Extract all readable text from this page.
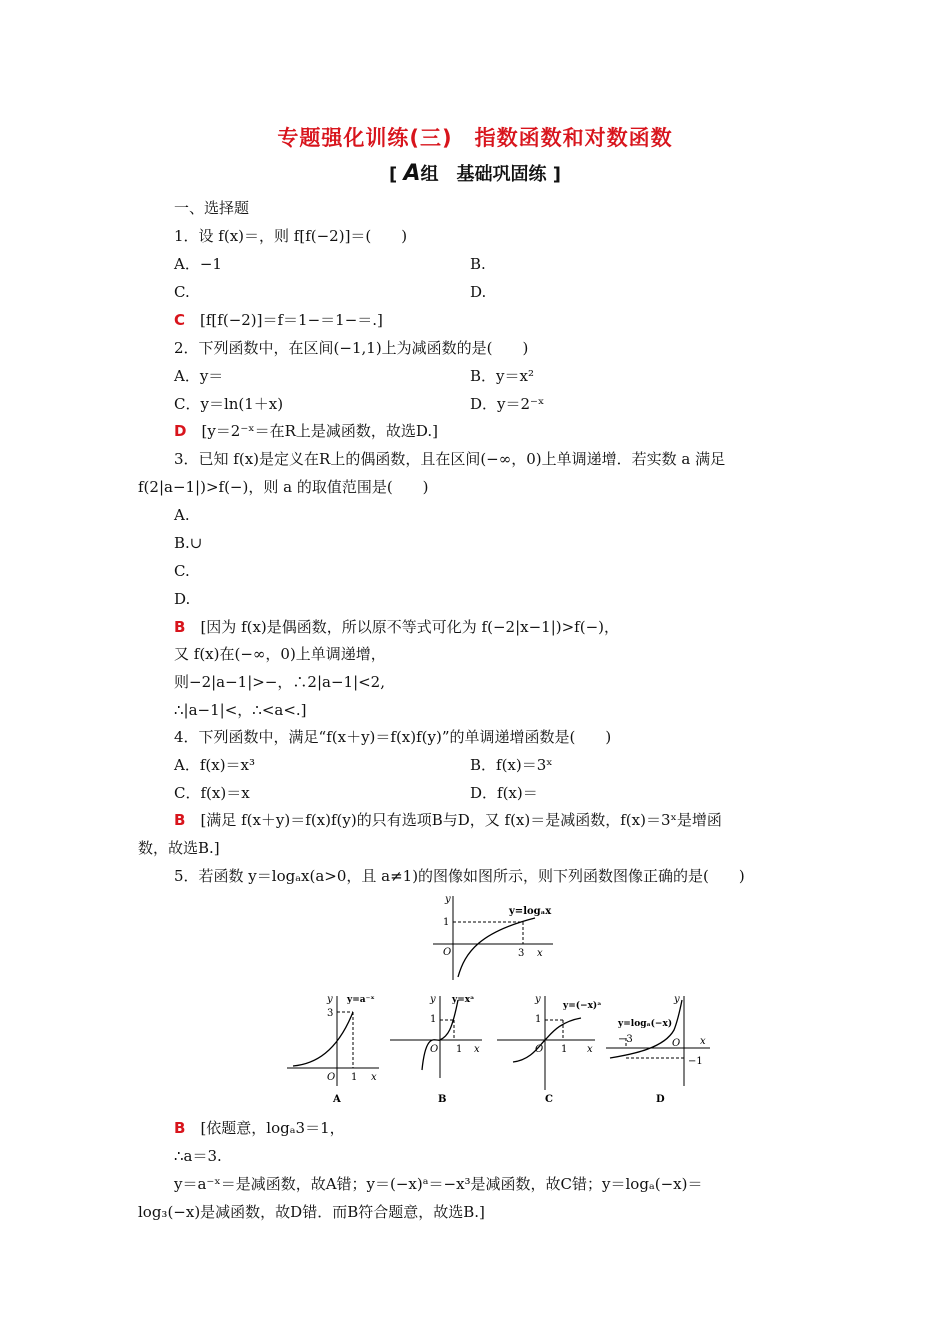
专题强化训练(三)　指数函数和对数函数
[ A组　基础巩固练 ]
一、选择题
1．设 f(x)＝，则 f[f(−2)]＝(　　)
A．−1	B.
C.	D.
C　 [f[f(−2)]＝f＝1−＝1−＝.]
2．下列函数中，在区间(−1,1)上为减函数的是(　　)
A．y＝	B．y＝x²
C．y＝ln(1＋x)	D．y＝2⁻ˣ
D　 [y＝2⁻ˣ＝在R上是减函数，故选D.]
3．已知 f(x)是定义在R上的偶函数，且在区间(−∞，0)上单调递增．若实数 a 满足
f(2|a−1|)>f(−)，则 a 的取值范围是(　　)
A.
B.∪
C.
D.
B　 [因为 f(x)是偶函数，所以原不等式可化为 f(−2|x−1|)>f(−)，
又 f(x)在(−∞，0)上单调递增，
则−2|a−1|>−，∴2|a−1|<2,
∴|a−1|<，∴<a<.]
4．下列函数中，满足“f(x＋y)＝f(x)f(y)”的单调递增函数是(　　)
A．f(x)＝x³	B．f(x)＝3ˣ
C．f(x)＝x	D．f(x)＝
B　 [满足 f(x＋y)＝f(x)f(y)的只有选项B与D，又 f(x)＝是减函数，f(x)＝3ˣ是增函
数，故选B.]
5．若函数 y＝logₐx(a>0，且 a≠1)的图像如图所示，则下列函数图像正确的是(　　)
1
3
O	x
y
y=logₐx
3
1
O	x
y y=a⁻ˣ
A
1
1
O	x
y y=xᵃ
B
1
1
O	x
y
y=(−x)ᵃ
C
−3
−1
O x
y
y=logₐ(−x)
D
B　 [依题意，logₐ3＝1，
∴a＝3.
y＝a⁻ˣ＝是减函数，故A错；y＝(−x)ᵃ＝−x³是减函数，故C错；y＝logₐ(−x)＝
log₃(−x)是减函数，故D错．而B符合题意，故选B.]
